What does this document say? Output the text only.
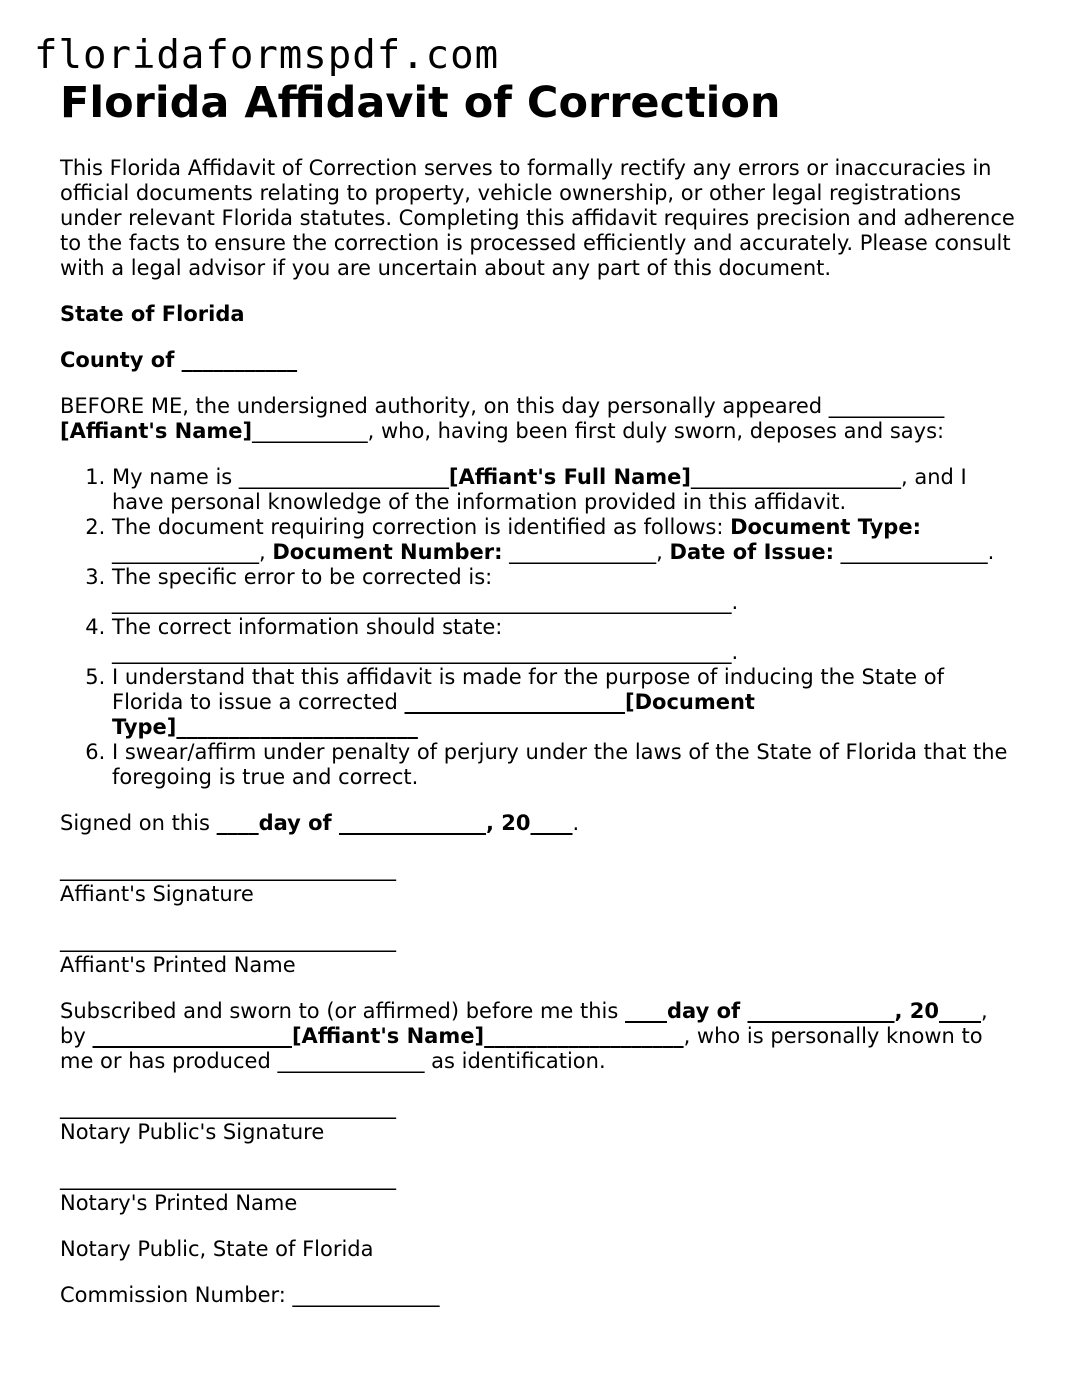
floridaformspdf.com
Florida Affidavit of Correction

This Florida Affidavit of Correction serves to formally rectify any errors or inaccuracies in official documents relating to property, vehicle ownership, or other legal registrations under relevant Florida statutes. Completing this affidavit requires precision and adherence to the facts to ensure the correction is processed efficiently and accurately. Please consult with a legal advisor if you are uncertain about any part of this document.

State of Florida

County of ___________

BEFORE ME, the undersigned authority, on this day personally appeared ___________ [Affiant's Name]___________, who, having been first duly sworn, deposes and says:

1. My name is ____________________[Affiant's Full Name]____________________, and I have personal knowledge of the information provided in this affidavit.
2. The document requiring correction is identified as follows: Document Type: ______________, Document Number: ______________, Date of Issue: ______________.
3. The specific error to be corrected is: ___________________________________________________________.
4. The correct information should state: ___________________________________________________________.
5. I understand that this affidavit is made for the purpose of inducing the State of Florida to issue a corrected _____________________[Document Type]_______________________
6. I swear/affirm under penalty of perjury under the laws of the State of Florida that the foregoing is true and correct.

Signed on this ____day of ______________, 20____.

________________________________
Affiant's Signature
________________________________
Affiant's Printed Name

Subscribed and sworn to (or affirmed) before me this ____day of ______________, 20____, by ___________________[Affiant's Name]___________________, who is personally known to me or has produced ______________ as identification.

________________________________
Notary Public's Signature
________________________________
Notary's Printed Name

Notary Public, State of Florida

Commission Number: ______________
